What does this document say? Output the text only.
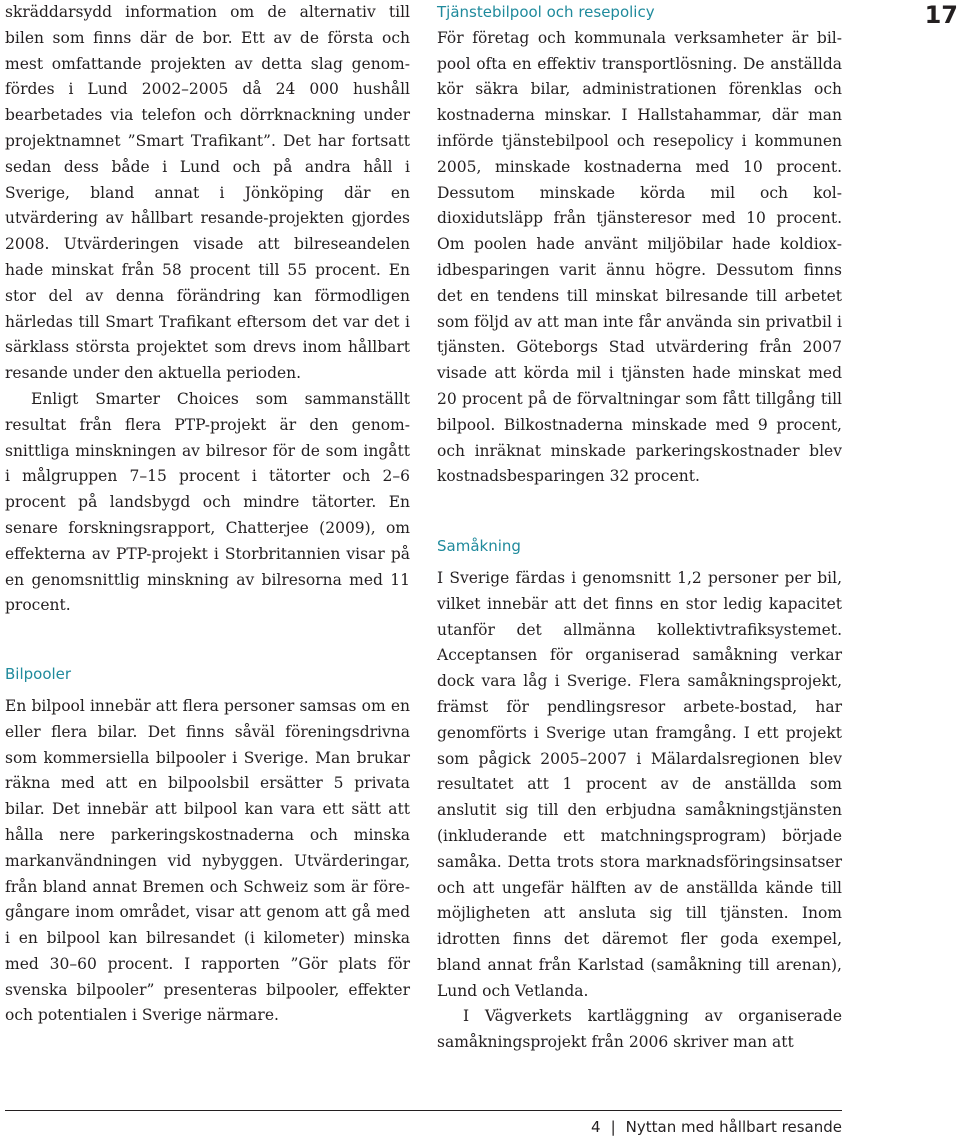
17

skräddarsydd information om de alternativ till bilen som finns där de bor. Ett av de första och mest omfattande projekten av detta slag genomfördes i Lund 2002–2005 då 24 000 hushåll bearbetades via telefon och dörrknackning under projektnamnet ”Smart Trafikant”. Det har fortsatt sedan dess både i Lund och på andra håll i Sverige, bland annat i Jönköping där en utvärdering av hållbart resande-projekten gjordes 2008. Utvärderingen visade att bilreseandelen hade minskat från 58 procent till 55 procent. En stor del av denna förändring kan förmodligen härledas till Smart Trafikant eftersom det var det i särklass största projektet som drevs inom hållbart resande under den aktuella perioden.

Enligt Smarter Choices som sammanställt resultat från flera PTP-projekt är den genomsnittliga minskningen av bilresor för de som ingått i målgruppen 7–15 procent i tätorter och 2–6 procent på landsbygd och mindre tätorter. En senare forskningsrapport, Chatterjee (2009), om effekterna av PTP-projekt i Storbritannien visar på en genomsnittlig minskning av bilresorna med 11 procent.

Bilpooler

En bilpool innebär att flera personer samsas om en eller flera bilar. Det finns såväl föreningsdrivna som kommersiella bilpooler i Sverige. Man brukar räkna med att en bilpoolsbil ersätter 5 privata bilar. Det innebär att bilpool kan vara ett sätt att hålla nere parkeringskostnaderna och minska markanvändningen vid nybyggen. Utvärderingar, från bland annat Bremen och Schweiz som är föregångare inom området, visar att genom att gå med i en bilpool kan bilresandet (i kilometer) minska med 30–60 procent. I rapporten ”Gör plats för svenska bilpooler” presenteras bilpooler, effekter och potentialen i Sverige närmare.

Tjänstebilpool och resepolicy

För företag och kommunala verksamheter är bilpool ofta en effektiv transportlösning. De anställda kör säkra bilar, administrationen förenklas och kostnaderna minskar. I Hallstahammar, där man införde tjänstebilpool och resepolicy i kommunen 2005, minskade kostnaderna med 10 procent. Dessutom minskade körda mil och koldioxidutsläpp från tjänsteresor med 10 procent. Om poolen hade använt miljöbilar hade koldioxidbesparingen varit ännu högre. Dessutom finns det en tendens till minskat bilresande till arbetet som följd av att man inte får använda sin privatbil i tjänsten. Göteborgs Stad utvärdering från 2007 visade att körda mil i tjänsten hade minskat med 20 procent på de förvaltningar som fått tillgång till bilpool. Bilkostnaderna minskade med 9 procent, och inräknat minskade parkeringskostnader blev kostnadsbesparingen 32 procent.

Samåkning

I Sverige färdas i genomsnitt 1,2 personer per bil, vilket innebär att det finns en stor ledig kapacitet utanför det allmänna kollektivtrafiksystemet. Acceptansen för organiserad samåkning verkar dock vara låg i Sverige. Flera samåkningsprojekt, främst för pendlingsresor arbete-bostad, har genomförts i Sverige utan framgång. I ett projekt som pågick 2005–2007 i Mälardalsregionen blev resultatet att 1 procent av de anställda som anslutit sig till den erbjudna samåkningstjänsten (inkluderande ett matchningsprogram) började samåka. Detta trots stora marknadsföringsinsatser och att ungefär hälften av de anställda kände till möjligheten att ansluta sig till tjänsten. Inom idrotten finns det däremot fler goda exempel, bland annat från Karlstad (samåkning till arenan), Lund och Vetlanda.

I Vägverkets kartläggning av organiserade samåkningsprojekt från 2006 skriver man att

4 | Nyttan med hållbart resande
